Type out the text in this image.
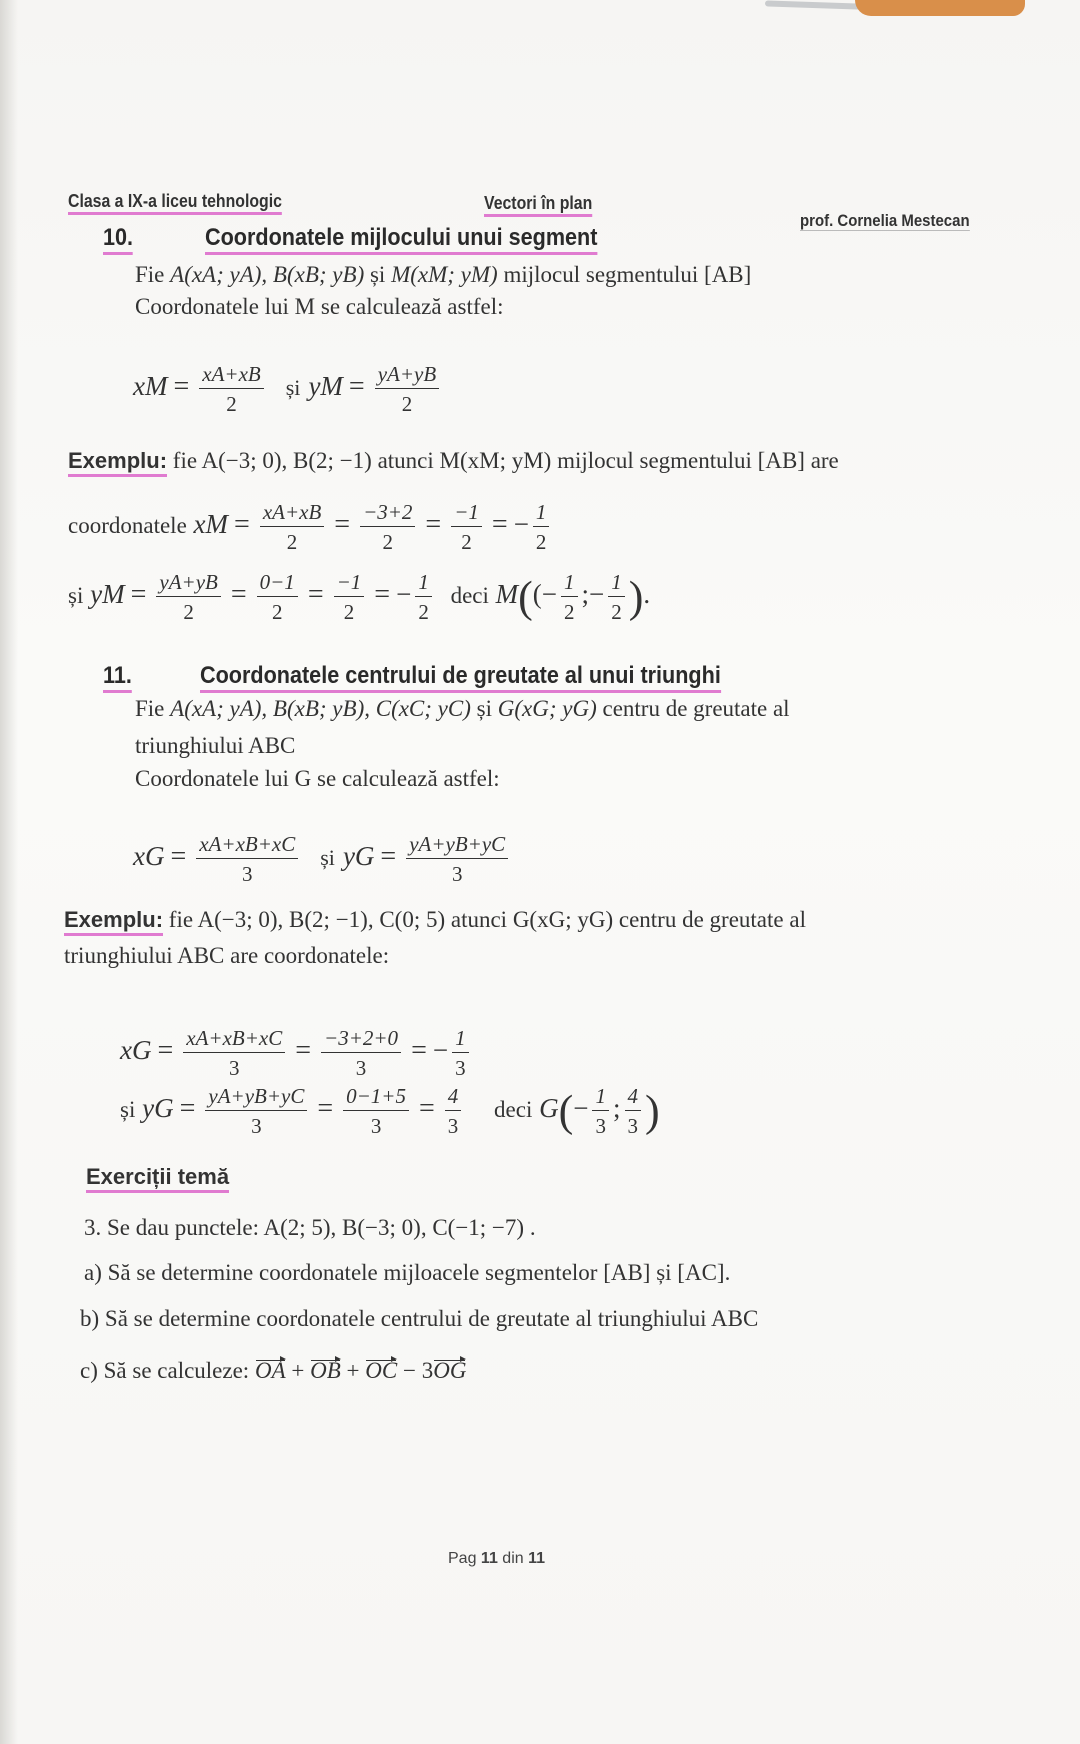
Clasa a IX-a liceu tehnologic	Vectori în plan
prof. Cornelia Mestecan
10.	Coordonatele mijlocului unui segment
Fie A(xA; yA), B(xB; yB) și M(xM; yM) mijlocul segmentului [AB]
Coordonatele lui M se calculează astfel:
xM = $\frac{xA+xB}{2}$ și yM = $\frac{yA+yB}{2}$
Exemplu: fie A(−3; 0), B(2; −1) atunci M(xM; yM) mijlocul segmentului [AB] are
coordonatele xM = $\frac{xA+xB}{2} = \frac{-3+2}{2} = \frac{-1}{2}$ = − $\frac{1}{2}$
și yM = $\frac{yA+yB}{2} = \frac{0-1}{2} = \frac{-1}{2}$ = − $\frac{1}{2}$ deci $M((- \frac{1}{2}$ ;− $\frac{1}{2}$ ).
11.	Coordonatele centrului de greutate al unui triunghi
Fie A(xA; yA), B(xB; yB), C(xC; yC) și G(xG; yG) centru de greutate al
triunghiului ABC
Coordonatele lui G se calculează astfel:
xG = $\frac{xA+xB+xC}{3}$ și yG = $\frac{yA+yB+yC}{3}$
Exemplu: fie A(−3; 0), B(2; −1), C(0; 5) atunci G(xG; yG) centru de greutate al
triunghiului ABC are coordonatele:
xG = $\frac{xA+xB+xC}{3} = \frac{-3+2+0}{3}$ = − $\frac{1}{3}$
și yG = $\frac{yA+yB+yC}{3} = \frac{0-1+5}{3} = \frac{4}{3}$ deci $G(- \frac{1}{3}$ ; $\frac{4}{3}$ )
Exerciții temă
3. Se dau punctele: A(2; 5), B(−3; 0), C(−1; −7) .
a) Să se determine coordonatele mijloacele segmentelor [AB] și [AC].
b) Să se determine coordonatele centrului de greutate al triunghiului ABC
c) Să se calculeze: OA + OB + OC − 3OG
Pag 11 din 11
